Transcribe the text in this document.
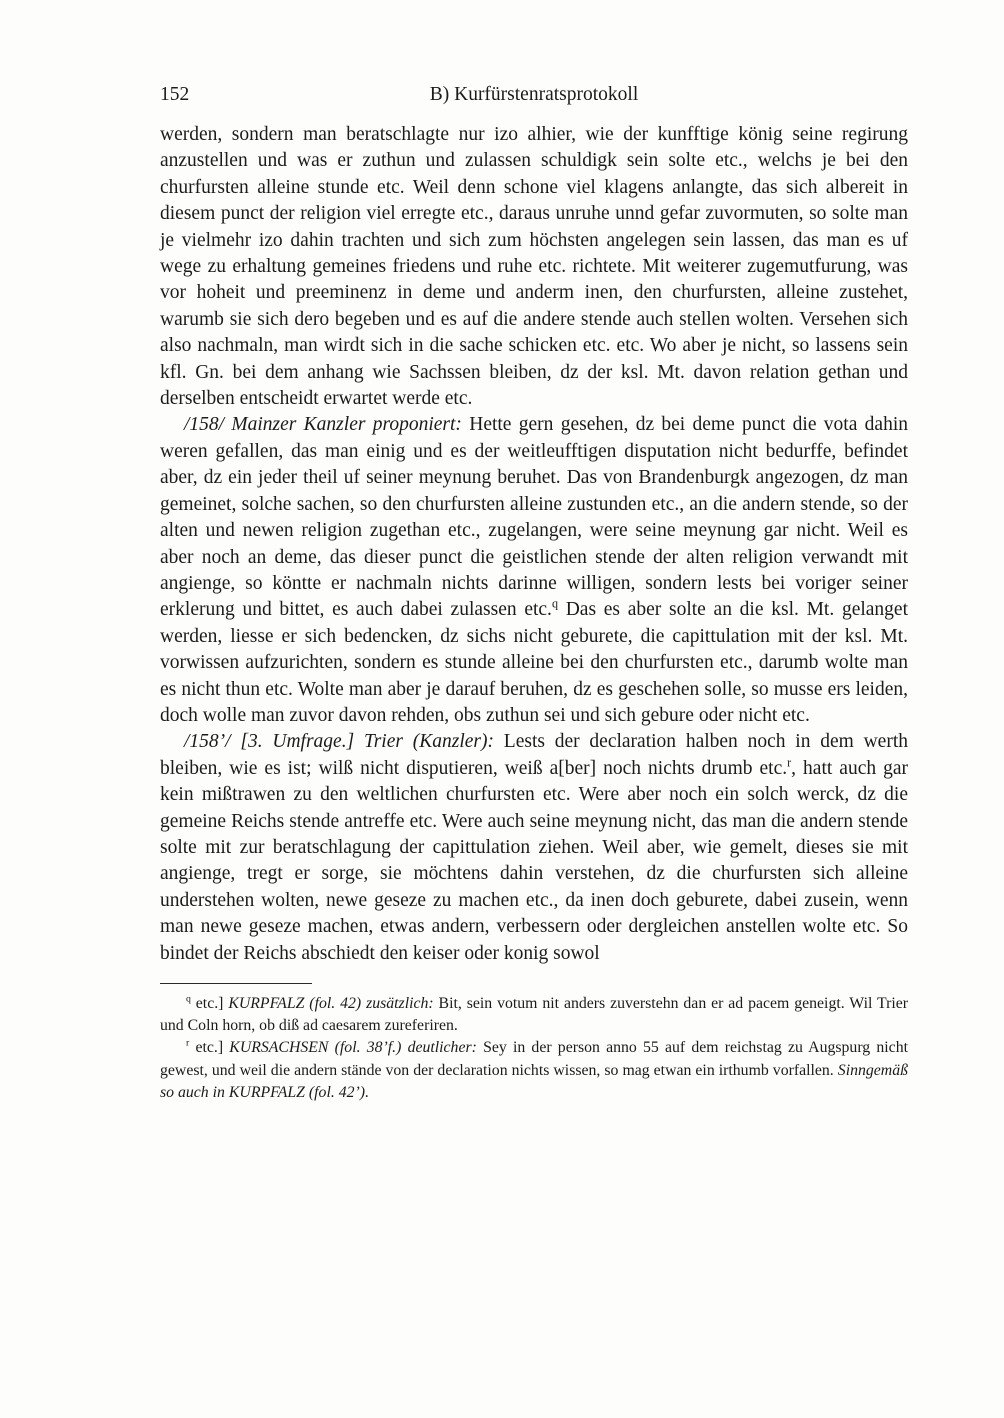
152	B) Kurfürstenratsprotokoll

werden, sondern man beratschlagte nur izo alhier, wie der kunfftige könig seine regirung anzustellen und was er zuthun und zulassen schuldigk sein solte etc., welchs je bei den churfursten alleine stunde etc. Weil denn schone viel klagens anlangte, das sich albereit in diesem punct der religion viel erregte etc., daraus unruhe unnd gefar zuvormuten, so solte man je vielmehr izo dahin trachten und sich zum höchsten angelegen sein lassen, das man es uf wege zu erhaltung gemeines friedens und ruhe etc. richtete. Mit weiterer zugemutfurung, was vor hoheit und preeminenz in deme und anderm inen, den churfursten, alleine zustehet, warumb sie sich dero begeben und es auf die andere stende auch stellen wolten. Versehen sich also nachmaln, man wirdt sich in die sache schicken etc. etc. Wo aber je nicht, so lassens sein kfl. Gn. bei dem anhang wie Sachssen bleiben, dz der ksl. Mt. davon relation gethan und derselben entscheidt erwartet werde etc.

/158/ Mainzer Kanzler proponiert: Hette gern gesehen, dz bei deme punct die vota dahin weren gefallen, das man einig und es der weitleufftigen disputation nicht bedurffe, befindet aber, dz ein jeder theil uf seiner meynung beruhet. Das von Brandenburgk angezogen, dz man gemeinet, solche sachen, so den churfursten alleine zustunden etc., an die andern stende, so der alten und newen religion zugethan etc., zugelangen, were seine meynung gar nicht. Weil es aber noch an deme, das dieser punct die geistlichen stende der alten religion verwandt mit angienge, so köntte er nachmaln nichts darinne willigen, sondern lests bei voriger seiner erklerung und bittet, es auch dabei zulassen etc.$^q$ Das es aber solte an die ksl. Mt. gelanget werden, liesse er sich bedencken, dz sichs nicht geburete, die capittulation mit der ksl. Mt. vorwissen aufzurichten, sondern es stunde alleine bei den churfursten etc., darumb wolte man es nicht thun etc. Wolte man aber je darauf beruhen, dz es geschehen solle, so musse ers leiden, doch wolle man zuvor davon rehden, obs zuthun sei und sich gebure oder nicht etc.

/158’/ [3. Umfrage.] Trier (Kanzler): Lests der declaration halben noch in dem werth bleiben, wie es ist; wilß nicht disputieren, weiß a[ber] noch nichts drumb etc.$^r$, hatt auch gar kein mißtrawen zu den weltlichen churfursten etc. Were aber noch ein solch werck, dz die gemeine Reichs stende antreffe etc. Were auch seine meynung nicht, das man die andern stende solte mit zur beratschlagung der capittulation ziehen. Weil aber, wie gemelt, dieses sie mit angienge, tregt er sorge, sie möchtens dahin verstehen, dz die churfursten sich alleine understehen wolten, newe geseze zu machen etc., da inen doch geburete, dabei zusein, wenn man newe geseze machen, etwas andern, verbessern oder dergleichen anstellen wolte etc. So bindet der Reichs abschiedt den keiser oder konig sowol

$^q$ etc.] KURPFALZ (fol. 42) zusätzlich: Bit, sein votum nit anders zuverstehn dan er ad pacem geneigt. Wil Trier und Coln horn, ob diß ad caesarem zureferiren.

$^r$ etc.] KURSACHSEN (fol. 38’f.) deutlicher: Sey in der person anno 55 auf dem reichstag zu Augspurg nicht gewest, und weil die andern stände von der declaration nichts wissen, so mag etwan ein irthumb vorfallen. Sinngemäß so auch in KURPFALZ (fol. 42’).
